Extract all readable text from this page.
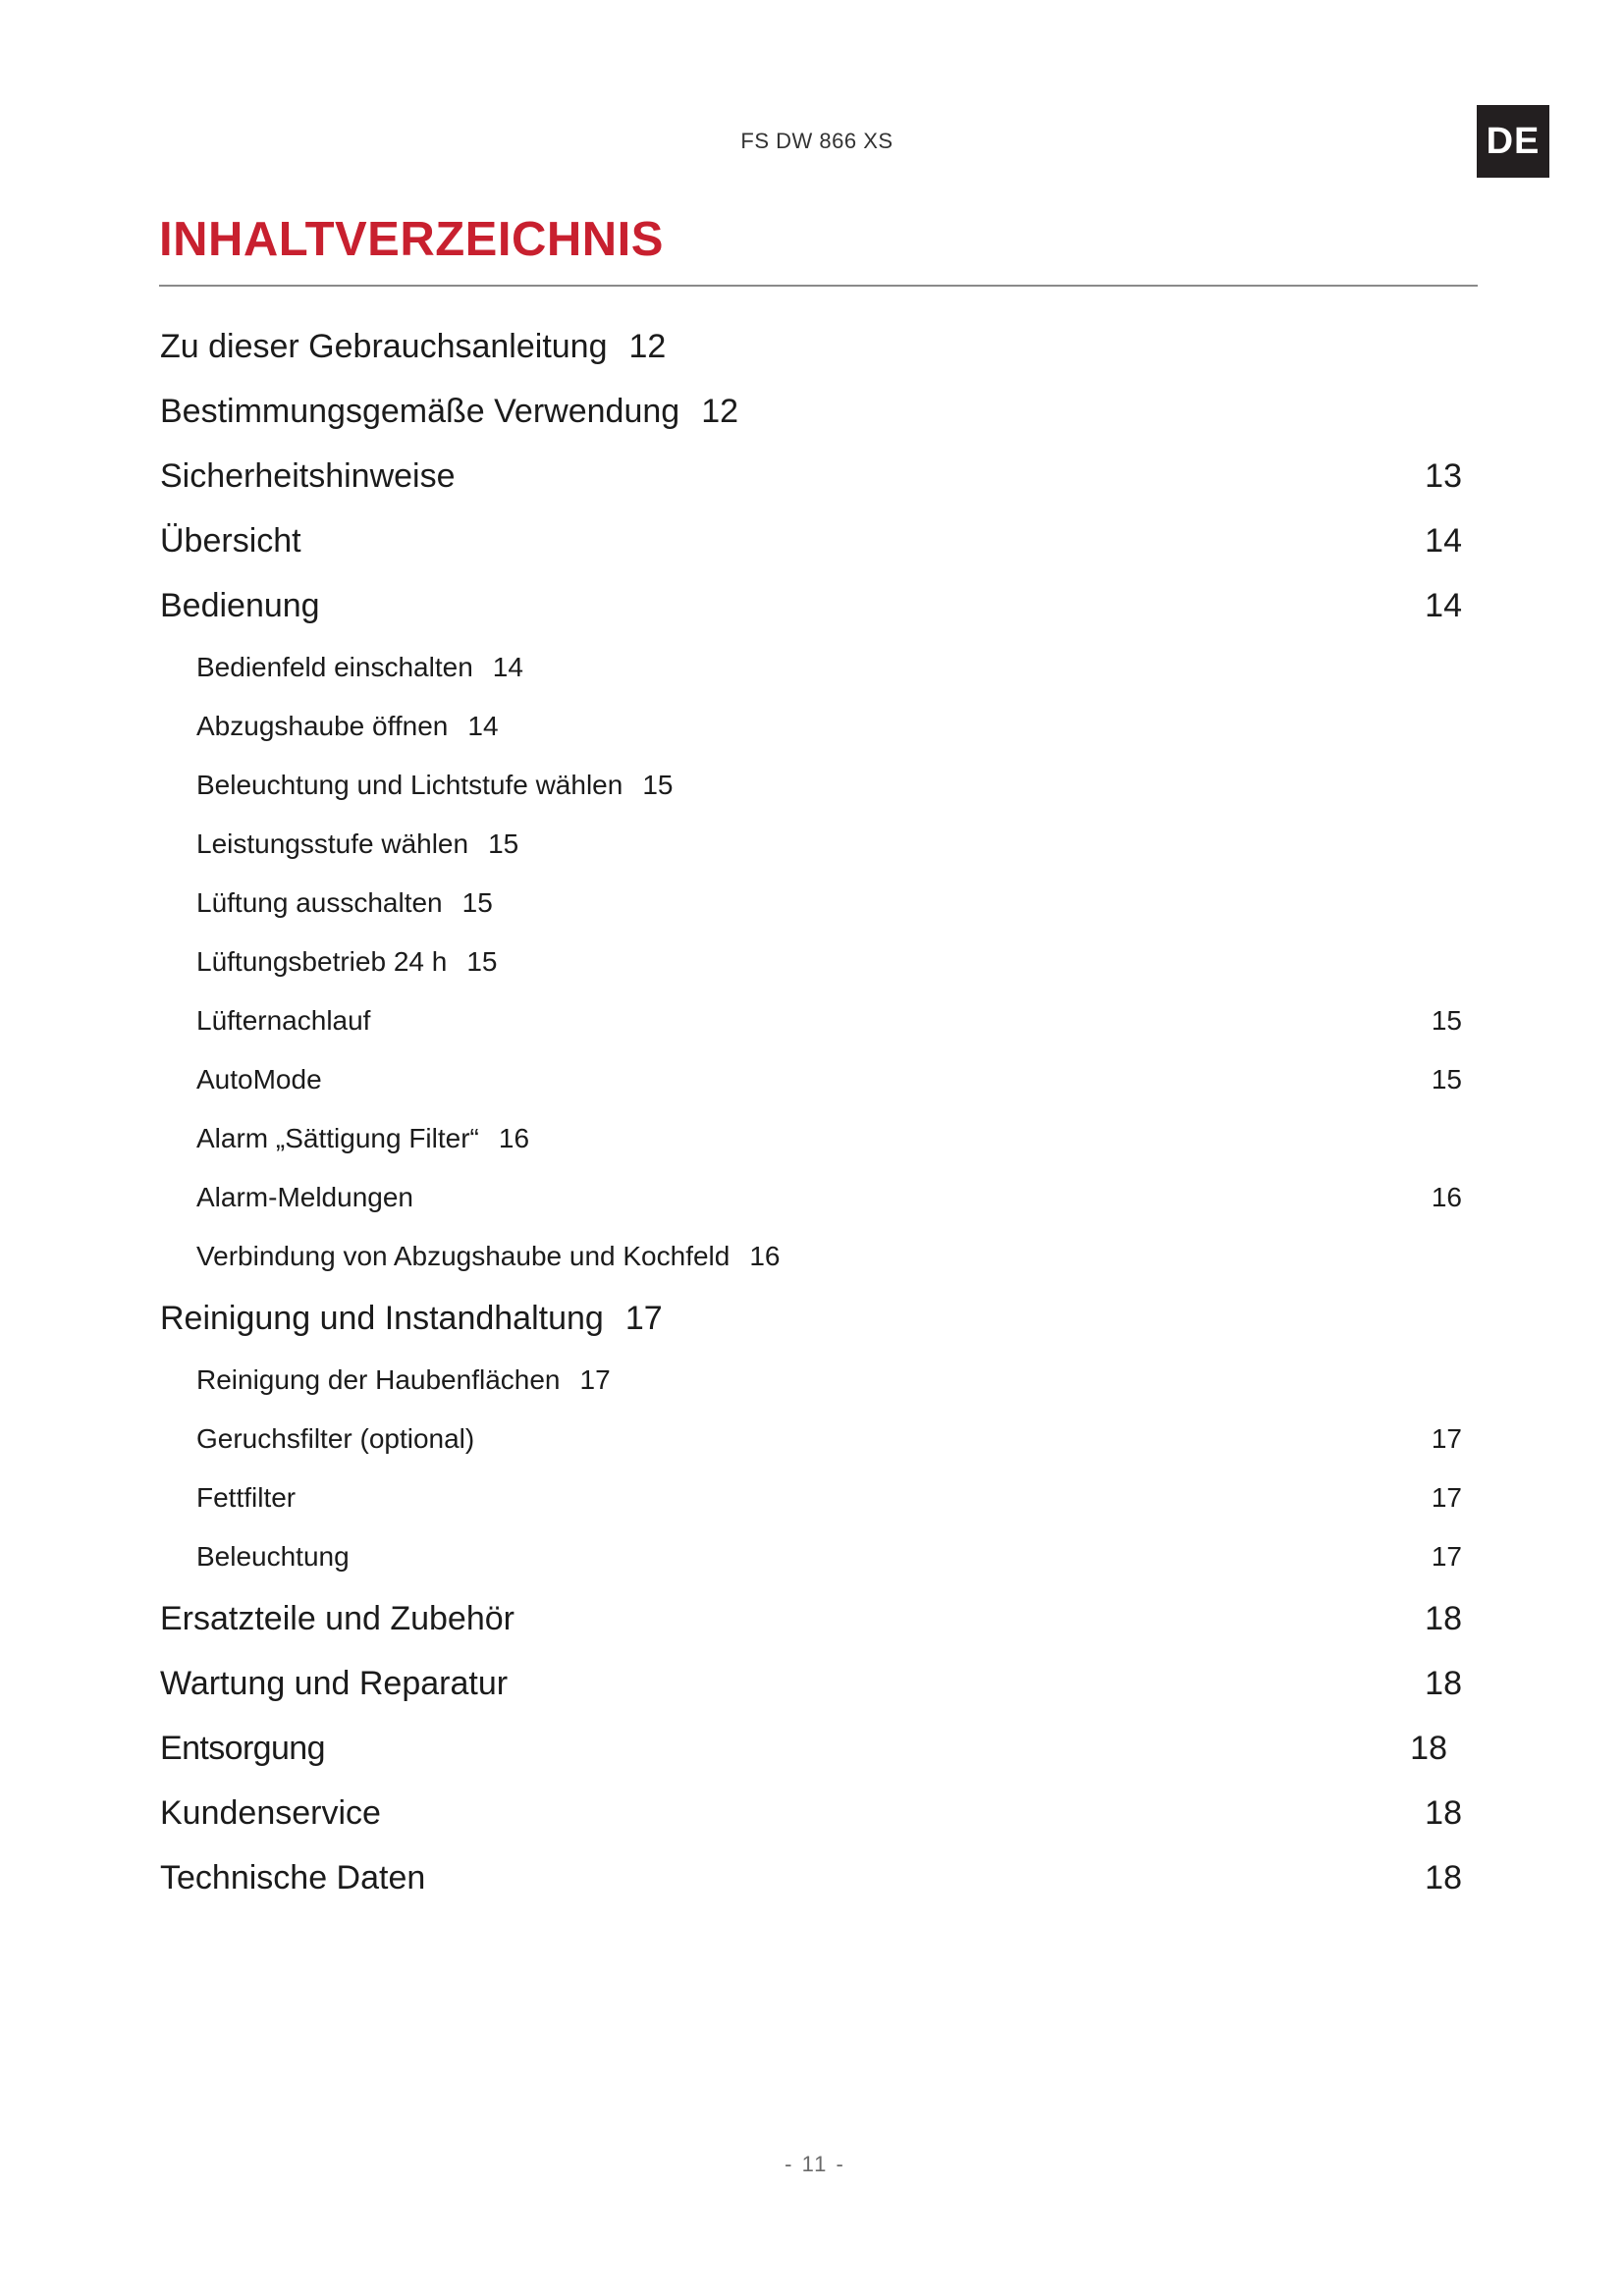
FS DW 866 XS	DE
INHALTVERZEICHNIS
Zu dieser Gebrauchsanleitung 12
Bestimmungsgemäße Verwendung 12
Sicherheitshinweise	13
Übersicht	14
Bedienung	14
Bedienfeld einschalten 14
Abzugshaube öffnen 14
Beleuchtung und Lichtstufe wählen 15
Leistungsstufe wählen 15
Lüftung ausschalten 15
Lüftungsbetrieb 24 h 15
Lüfternachlauf	15
AutoMode	15
Alarm „Sättigung Filter“ 16
Alarm-Meldungen	16
Verbindung von Abzugshaube und Kochfeld 16
Reinigung und Instandhaltung 17
Reinigung der Haubenflächen 17
Geruchsfilter (optional)	17
Fettfilter	17
Beleuchtung	17
Ersatzteile und Zubehör	18
Wartung und Reparatur	18
Entsorgung	18
Kundenservice	18
Technische Daten	18
- 11 -
